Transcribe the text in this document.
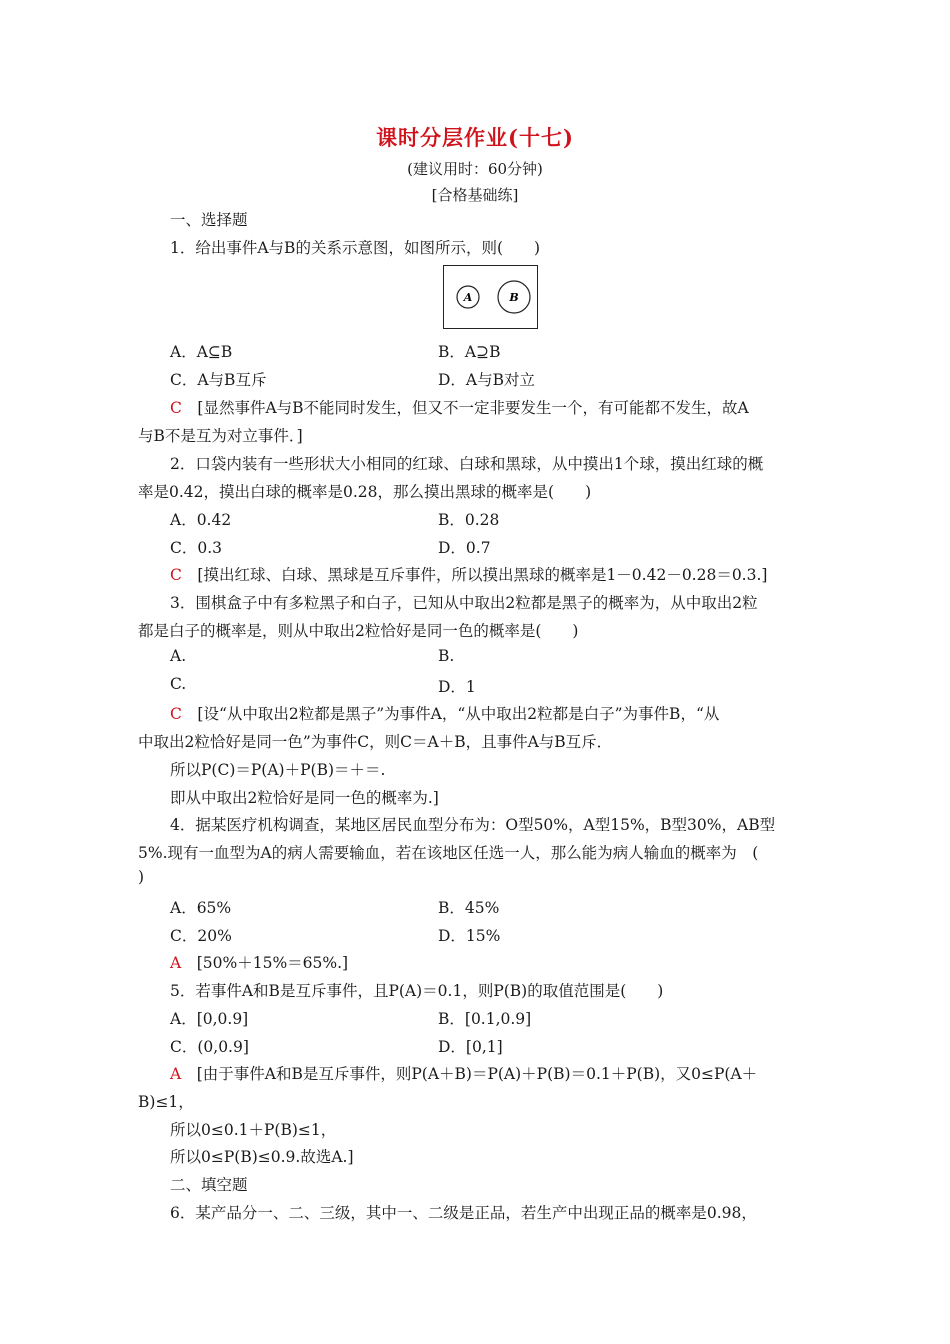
课时分层作业(十七)
(建议用时：60分钟)
[合格基础练]
一、选择题
1．给出事件A与B的关系示意图，如图所示，则(　　)
A	B
A．A⊆B	B．A⊇B
C．A与B互斥	D．A与B对立
C　 [显然事件A与B不能同时发生，但又不一定非要发生一个，有可能都不发生，故A
与B不是互为对立事件．]
2．口袋内装有一些形状大小相同的红球、白球和黑球，从中摸出1个球，摸出红球的概
率是0.42，摸出白球的概率是0.28，那么摸出黑球的概率是(　　)
A．0.42	B．0.28
C．0.3	D．0.7
C　 [摸出红球、白球、黑球是互斥事件，所以摸出黑球的概率是1－0.42－0.28＝0.3.]
3．围棋盒子中有多粒黑子和白子，已知从中取出2粒都是黑子的概率为，从中取出2粒
都是白子的概率是，则从中取出2粒恰好是同一色的概率是(　　)
A.	B.
C.	D．1
C　 [设“从中取出2粒都是黑子”为事件A，“从中取出2粒都是白子”为事件B，“从
中取出2粒恰好是同一色”为事件C，则C＝A＋B，且事件A与B互斥．
所以P(C)＝P(A)＋P(B)＝＋＝.
即从中取出2粒恰好是同一色的概率为.]
4．据某医疗机构调查，某地区居民血型分布为：O型50%，A型15%，B型30%，AB型
5%.现有一血型为A的病人需要输血，若在该地区任选一人，那么能为病人输血的概率为　(
)
A．65%	B．45%
C．20%	D．15%
A　 [50%＋15%＝65%.]
5．若事件A和B是互斥事件，且P(A)＝0.1，则P(B)的取值范围是(　　)
A．[0,0.9]	B．[0.1,0.9]
C．(0,0.9]	D．[0,1]
A　 [由于事件A和B是互斥事件，则P(A＋B)＝P(A)＋P(B)＝0.1＋P(B)，又0≤P(A＋
B)≤1，
所以0≤0.1＋P(B)≤1，
所以0≤P(B)≤0.9.故选A.]
二、填空题
6．某产品分一、二、三级，其中一、二级是正品，若生产中出现正品的概率是0.98，
